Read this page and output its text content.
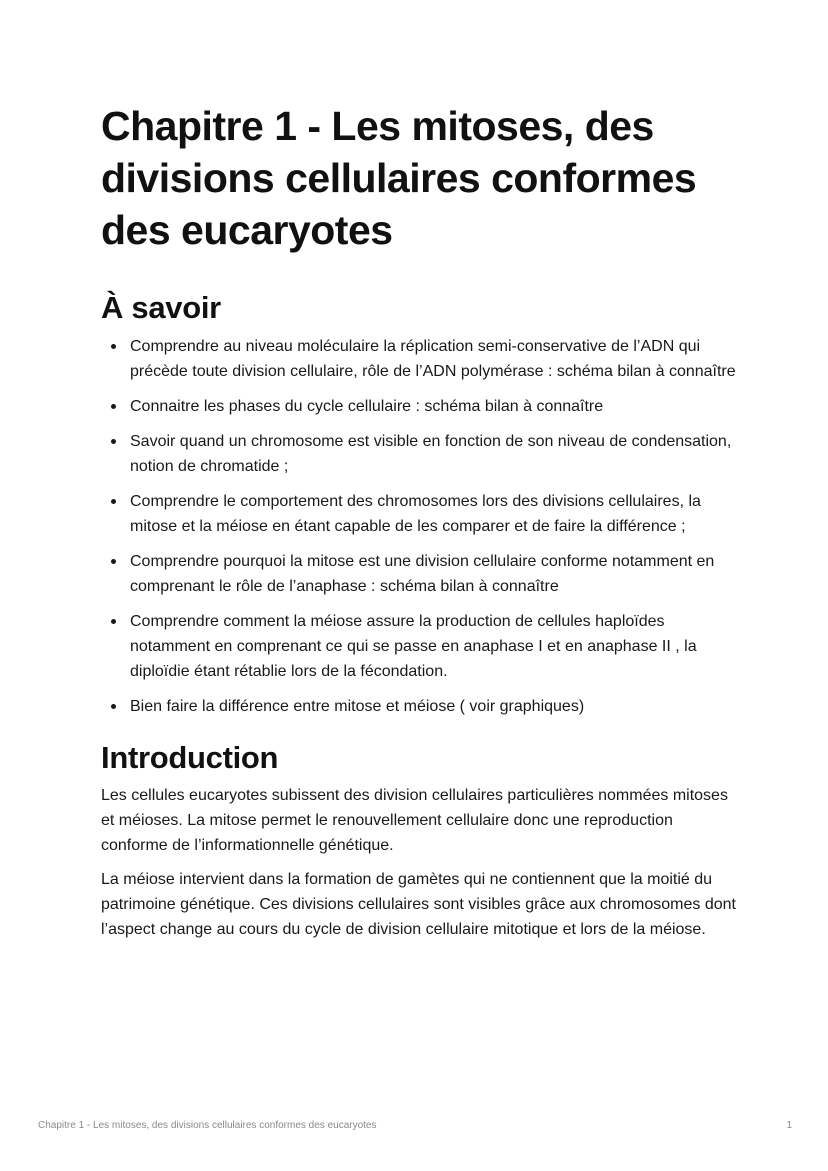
Chapitre 1 - Les mitoses, des divisions cellulaires conformes des eucaryotes
À savoir
Comprendre au niveau moléculaire la réplication semi-conservative de l’ADN qui précède toute division cellulaire, rôle de l’ADN polymérase : schéma bilan à connaître
Connaitre les phases du cycle cellulaire : schéma bilan à connaître
Savoir quand un chromosome est visible en fonction de son niveau de condensation, notion de chromatide ;
Comprendre le comportement des chromosomes lors des divisions cellulaires, la mitose et la méiose en étant capable de les comparer et de faire la différence ;
Comprendre pourquoi la mitose est une division cellulaire conforme notamment en comprenant le rôle de l’anaphase : schéma bilan à connaître
Comprendre comment la méiose assure la production de cellules haploïdes notamment en comprenant ce qui se passe en anaphase I et en anaphase II , la diploïdie étant rétablie lors de la fécondation.
Bien faire la différence entre mitose et méiose ( voir graphiques)
Introduction

Les cellules eucaryotes subissent des division cellulaires particulières nommées mitoses et méioses. La mitose permet le renouvellement cellulaire donc une reproduction conforme de l’informationnelle génétique.

La méiose intervient dans la formation de gamètes qui ne contiennent que la moitié du patrimoine génétique. Ces divisions cellulaires sont visibles grâce aux chromosomes dont l’aspect change au cours du cycle de division cellulaire mitotique et lors de la méiose.

Chapitre 1 - Les mitoses, des divisions cellulaires conformes des eucaryotes	1
